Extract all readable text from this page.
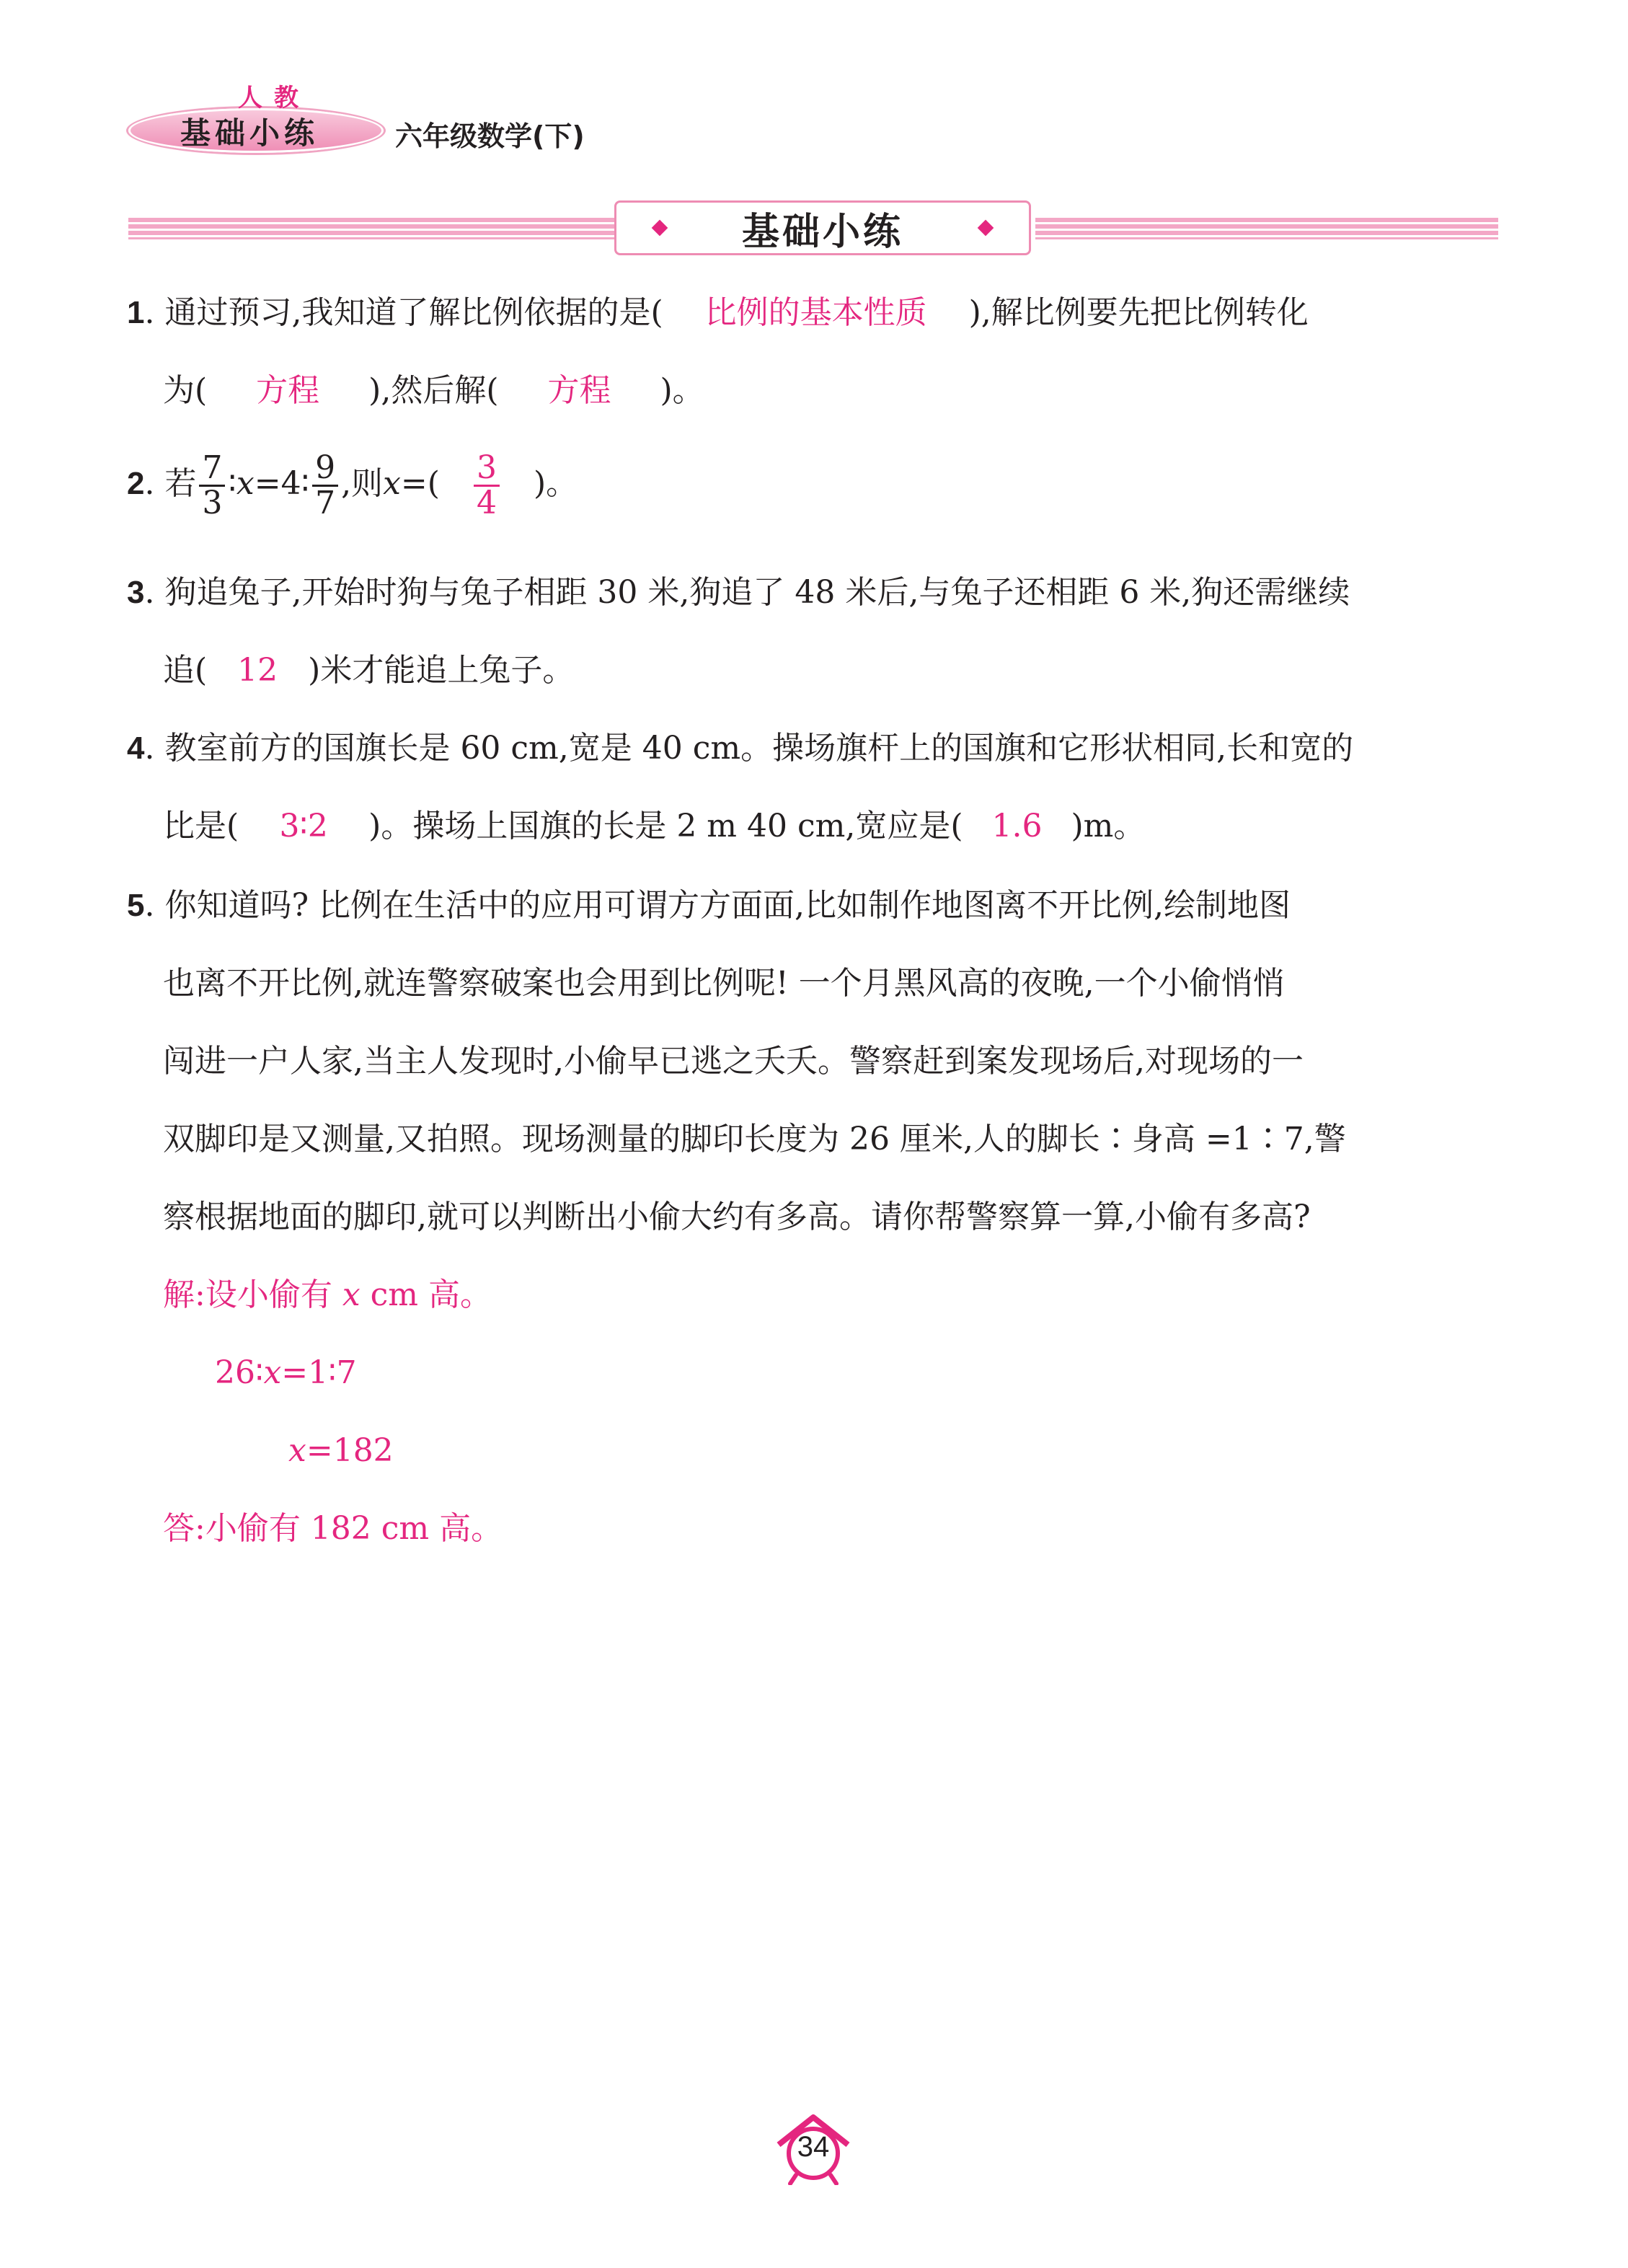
人教
基础小练	六年级数学(下)
基础小练
1. 通过预习,我知道了解比例依据的是( 比例的基本性质 ),解比例要先把比例转化
为( 方程 ),然后解( 方程 )。
2. 若 $\frac{7}{3}$ ∶x=4∶ $\frac{9}{7}$ ,则$x=( \frac{3}{4}$ )。
3. 狗追兔子,开始时狗与兔子相距 30 米,狗追了 48 米后,与兔子还相距 6 米,狗还需继续
追( 12 )米才能追上兔子。
4. 教室前方的国旗长是 60 cm,宽是 40 cm。操场旗杆上的国旗和它形状相同,长和宽的
比是( 3∶2 )。操场上国旗的长是 2 m 40 cm,宽应是( 1.6 )m。
5. 你知道吗? 比例在生活中的应用可谓方方面面,比如制作地图离不开比例,绘制地图
也离不开比例,就连警察破案也会用到比例呢! 一个月黑风高的夜晚,一个小偷悄悄
闯进一户人家,当主人发现时,小偷早已逃之夭夭。警察赶到案发现场后,对现场的一
双脚印是又测量,又拍照。现场测量的脚印长度为 26 厘米,人的脚长∶身高 =1∶7,警
察根据地面的脚印,就可以判断出小偷大约有多高。请你帮警察算一算,小偷有多高?
解:设小偷有 x cm 高。
26∶x=1∶7
x=182
答:小偷有 182 cm 高。
34
